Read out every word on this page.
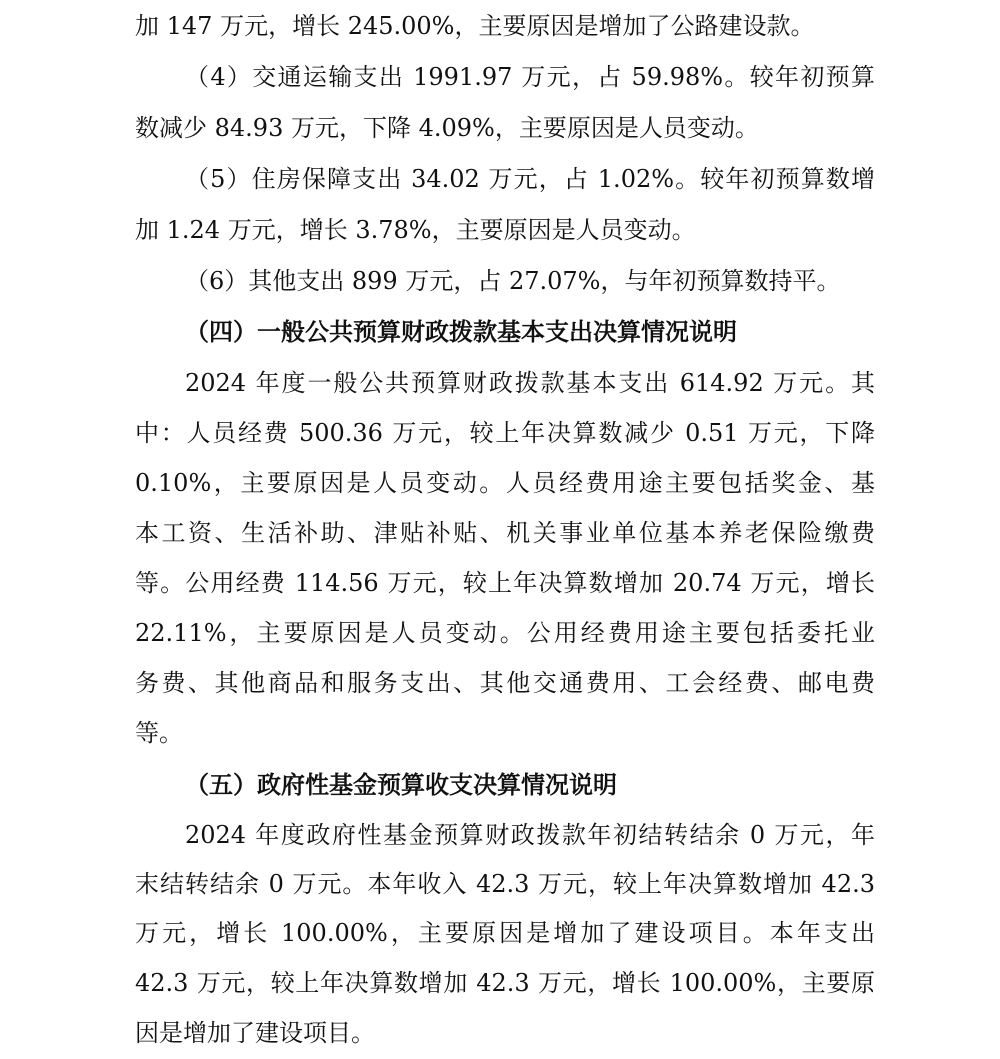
加 147 万元，增长 245.00%，主要原因是增加了公路建设款。
（4）交通运输支出 1991.97 万元，占 59.98%。较年初预算
数减少 84.93 万元，下降 4.09%，主要原因是人员变动。
（5）住房保障支出 34.02 万元，占 1.02%。较年初预算数增
加 1.24 万元，增长 3.78%，主要原因是人员变动。
（6）其他支出 899 万元，占 27.07%，与年初预算数持平。
（四）一般公共预算财政拨款基本支出决算情况说明
2024 年度一般公共预算财政拨款基本支出 614.92 万元。其
中：人员经费 500.36 万元，较上年决算数减少 0.51 万元，下降
0.10%，主要原因是人员变动。人员经费用途主要包括奖金、基
本工资、生活补助、津贴补贴、机关事业单位基本养老保险缴费
等。公用经费 114.56 万元，较上年决算数增加 20.74 万元，增长
22.11%，主要原因是人员变动。公用经费用途主要包括委托业
务费、其他商品和服务支出、其他交通费用、工会经费、邮电费
等。
（五）政府性基金预算收支决算情况说明
2024 年度政府性基金预算财政拨款年初结转结余 0 万元，年
末结转结余 0 万元。本年收入 42.3 万元，较上年决算数增加 42.3
万元，增长 100.00%，主要原因是增加了建设项目。本年支出
42.3 万元，较上年决算数增加 42.3 万元，增长 100.00%，主要原
因是增加了建设项目。
